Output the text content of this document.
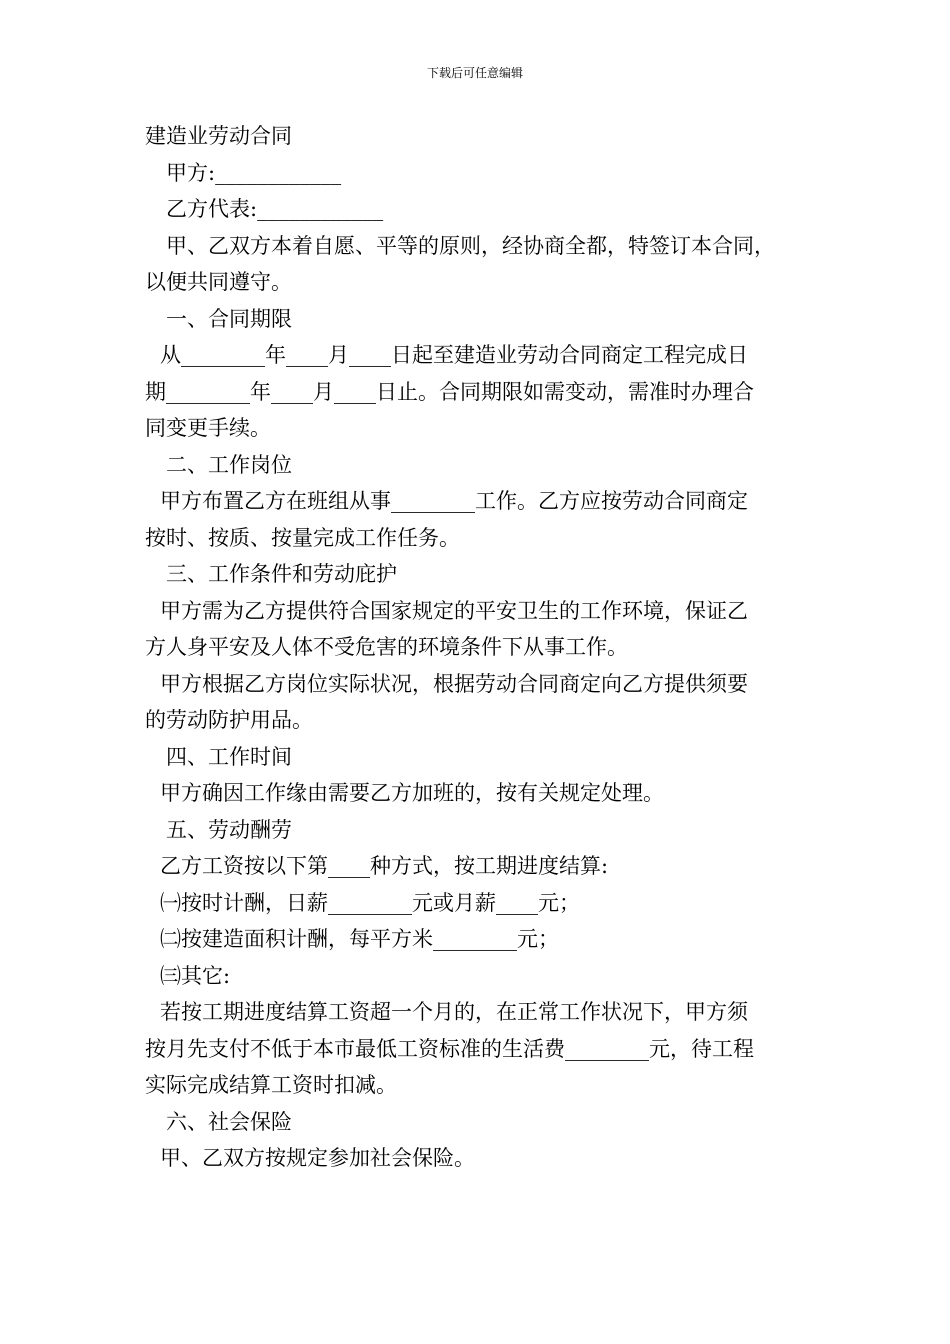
下载后可任意编辑
建造业劳动合同
甲方:____________
乙方代表:____________
甲、乙双方本着自愿、平等的原则，经协商全都，特签订本合同，
以便共同遵守。
一、合同期限
从________年____月____日起至建造业劳动合同商定工程完成日
期________年____月____日止。合同期限如需变动，需准时办理合
同变更手续。
二、工作岗位
甲方布置乙方在班组从事________工作。乙方应按劳动合同商定
按时、按质、按量完成工作任务。
三、工作条件和劳动庇护
甲方需为乙方提供符合国家规定的平安卫生的工作环境，保证乙
方人身平安及人体不受危害的环境条件下从事工作。
甲方根据乙方岗位实际状况，根据劳动合同商定向乙方提供须要
的劳动防护用品。
四、工作时间
甲方确因工作缘由需要乙方加班的，按有关规定处理。
五、劳动酬劳
乙方工资按以下第____种方式，按工期进度结算:
㈠按时计酬，日薪________元或月薪____元；
㈡按建造面积计酬，每平方米________元；
㈢其它:
若按工期进度结算工资超一个月的，在正常工作状况下，甲方须
按月先支付不低于本市最低工资标准的生活费________元，待工程
实际完成结算工资时扣减。
六、社会保险
甲、乙双方按规定参加社会保险。
